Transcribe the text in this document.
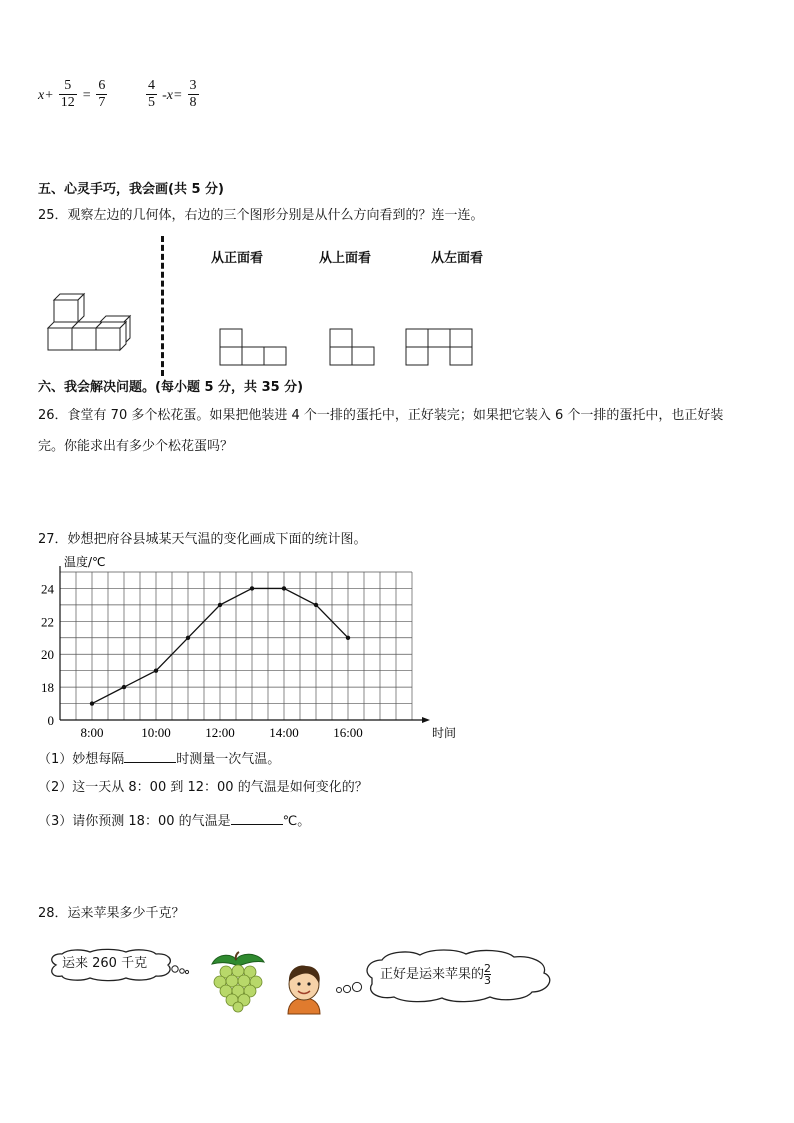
$x+ \frac{5}{12} = \frac{6}{7}$	$\frac{4}{5} -x= \frac{3}{8}$
五、心灵手巧，我会画(共 5 分)
25．观察左边的几何体，右边的三个图形分别是从什么方向看到的？连一连。
从正面看	从上面看	从左面看
六、我会解决问题。(每小题 5 分，共 35 分)
26．食堂有 70 多个松花蛋。如果把他装进 4 个一排的蛋托中，正好装完；如果把它装入 6 个一排的蛋托中，也正好装
完。你能求出有多少个松花蛋吗？
27．妙想把府谷县城某天气温的变化画成下面的统计图。
0
18
20
22
24
8:00	10:00	12:00	14:00	16:00
温度/℃
时间
（1）妙想每隔	时测量一次气温。
（2）这一天从 8：00 到 12：00 的气温是如何变化的？
（3）请你预测 18：00 的气温是	℃。
28．运来苹果多少千克？
运来 260 千克
正好是运来苹果的 $\frac{2}{3}$
